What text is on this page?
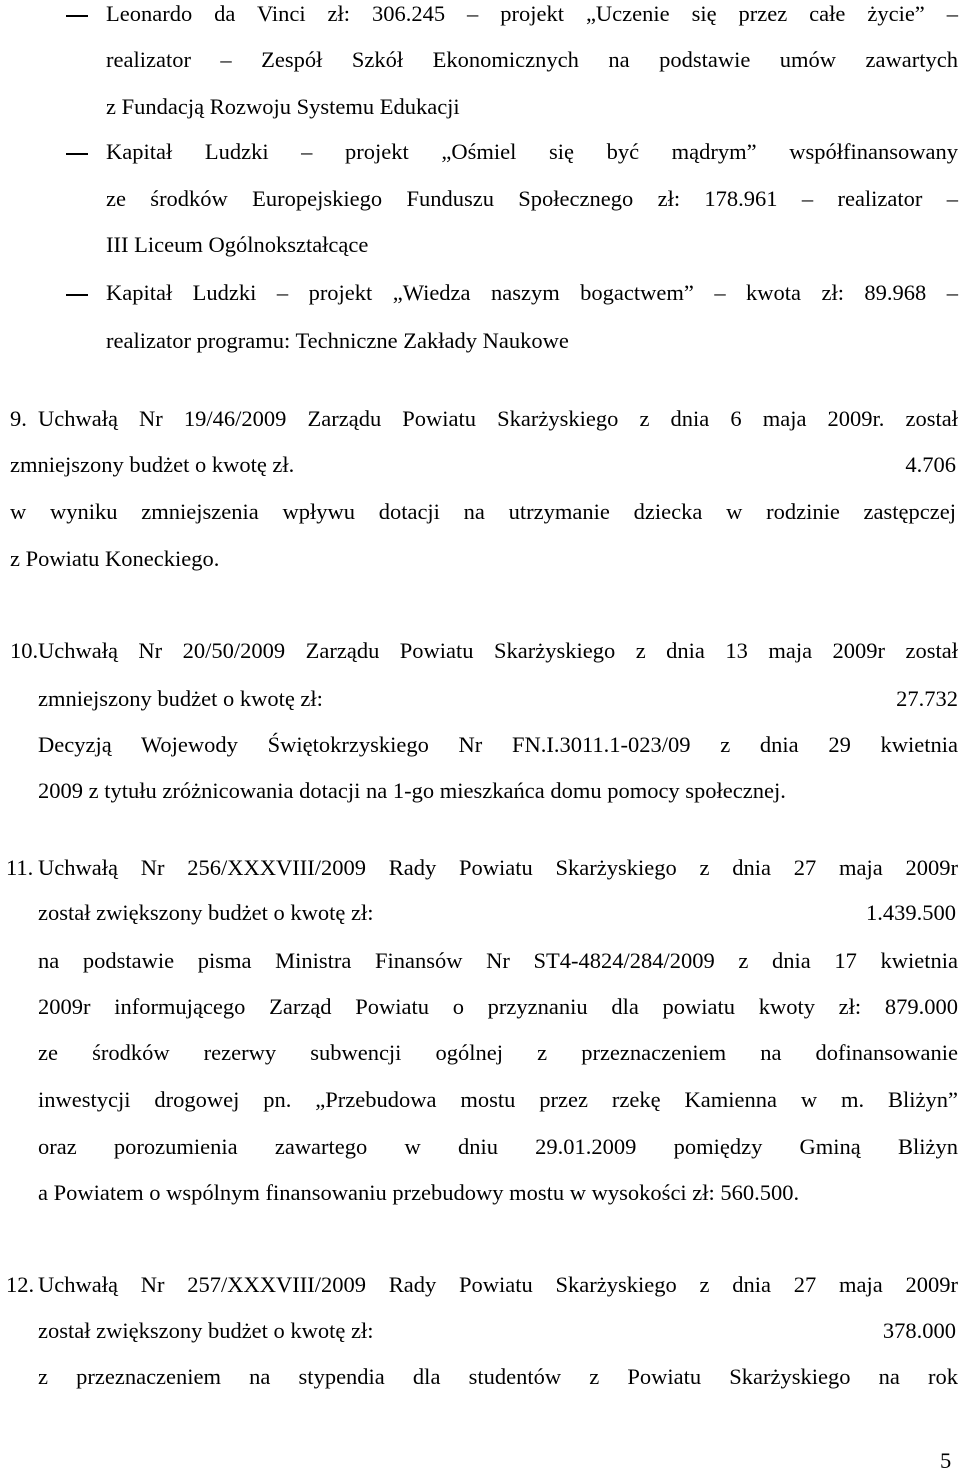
Leonardo da Vinci zł: 306.245 – projekt „Uczenie się przez całe życie” –
realizator – Zespół Szkół Ekonomicznych na podstawie umów zawartych
z Fundacją Rozwoju Systemu Edukacji
Kapitał Ludzki – projekt „Ośmiel się być mądrym” współfinansowany
ze środków Europejskiego Funduszu Społecznego zł: 178.961 – realizator –
III Liceum Ogólnokształcące
Kapitał Ludzki – projekt „Wiedza naszym bogactwem” – kwota zł: 89.968 –
realizator programu: Techniczne Zakłady Naukowe
9. Uchwałą Nr 19/46/2009 Zarządu Powiatu Skarżyskiego z dnia 6 maja 2009r. został
zmniejszony budżet o kwotę zł.	4.706
w wyniku zmniejszenia wpływu dotacji na utrzymanie dziecka w rodzinie zastępczej
z Powiatu Koneckiego.
10. Uchwałą Nr 20/50/2009 Zarządu Powiatu Skarżyskiego z dnia 13 maja 2009r został
zmniejszony budżet o kwotę zł:	27.732
Decyzją Wojewody Świętokrzyskiego Nr FN.I.3011.1-023/09 z dnia 29 kwietnia
2009 z tytułu zróżnicowania dotacji na 1-go mieszkańca domu pomocy społecznej.
11. Uchwałą Nr 256/XXXVIII/2009 Rady Powiatu Skarżyskiego z dnia 27 maja 2009r
został zwiększony budżet o kwotę zł:	1.439.500
na podstawie pisma Ministra Finansów Nr ST4-4824/284/2009 z dnia 17 kwietnia
2009r informującego Zarząd Powiatu o przyznaniu dla powiatu kwoty zł: 879.000
ze środków rezerwy subwencji ogólnej z przeznaczeniem na dofinansowanie
inwestycji drogowej pn. „Przebudowa mostu przez rzekę Kamienna w m. Bliżyn”
oraz porozumienia zawartego w dniu 29.01.2009 pomiędzy Gminą Bliżyn
a Powiatem o wspólnym finansowaniu przebudowy mostu w wysokości zł: 560.500.
12. Uchwałą Nr 257/XXXVIII/2009 Rady Powiatu Skarżyskiego z dnia 27 maja 2009r
został zwiększony budżet o kwotę zł:	378.000
z przeznaczeniem na stypendia dla studentów z Powiatu Skarżyskiego na rok
5
